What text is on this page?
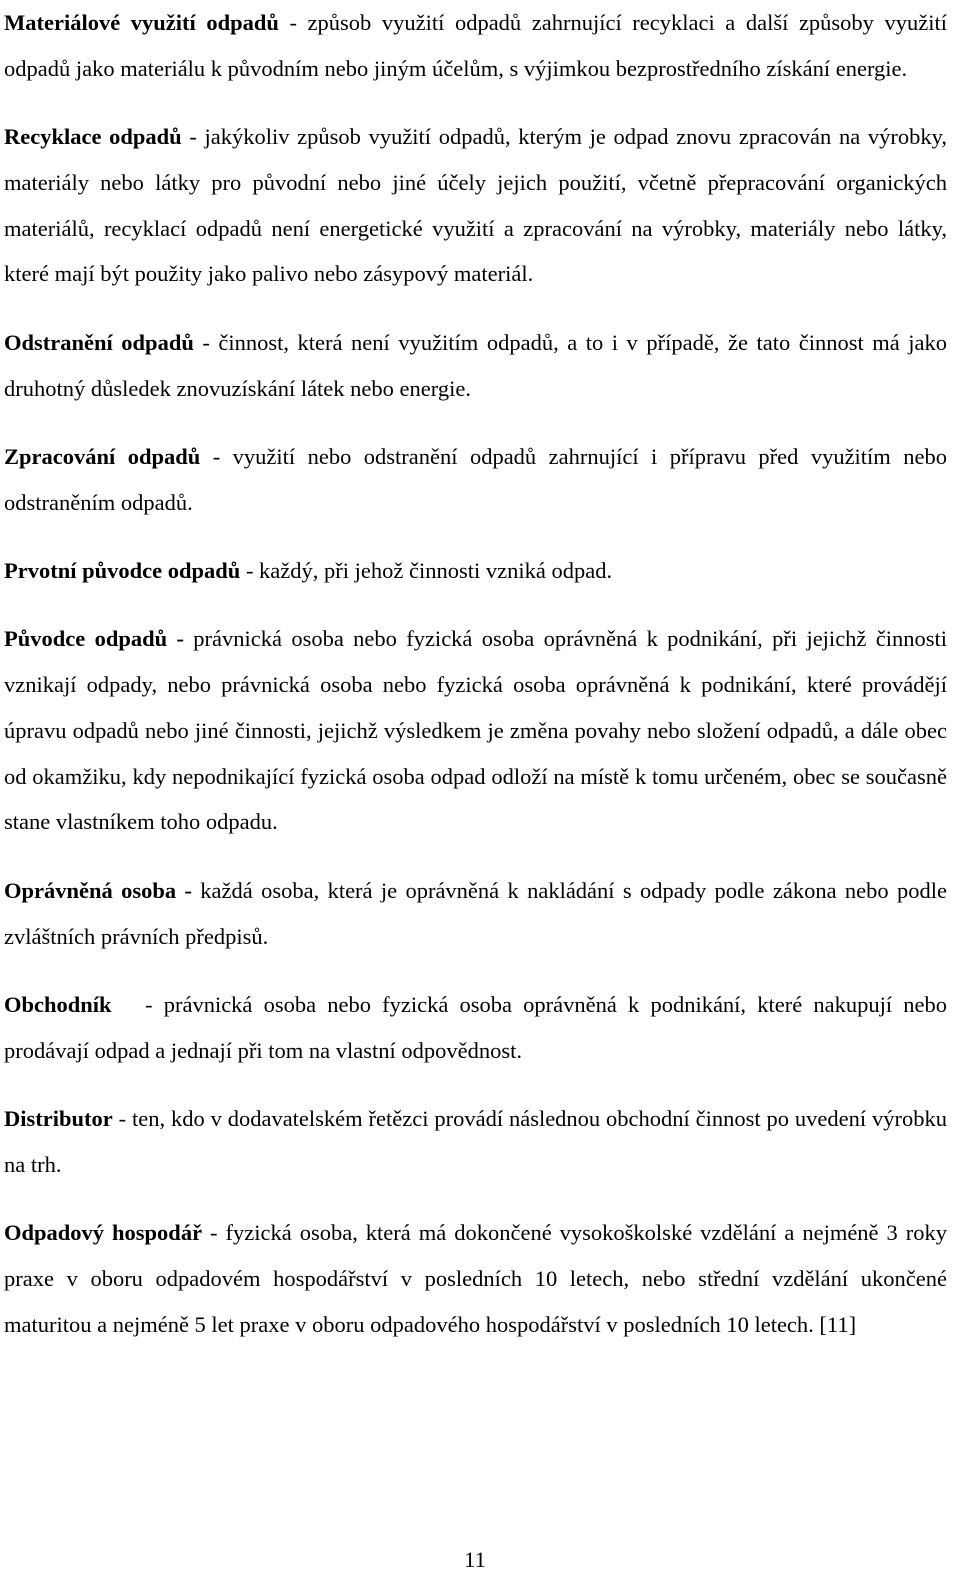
Materiálové využití odpadů - způsob využití odpadů zahrnující recyklaci a další způsoby využití odpadů jako materiálu k původním nebo jiným účelům, s výjimkou bezprostředního získání energie.

Recyklace odpadů - jakýkoliv způsob využití odpadů, kterým je odpad znovu zpracován na výrobky, materiály nebo látky pro původní nebo jiné účely jejich použití, včetně přepracování organických materiálů, recyklací odpadů není energetické využití a zpracování na výrobky, materiály nebo látky, které mají být použity jako palivo nebo zásypový materiál.

Odstranění odpadů - činnost, která není využitím odpadů, a to i v případě, že tato činnost má jako druhotný důsledek znovuzískání látek nebo energie.

Zpracování odpadů - využití nebo odstranění odpadů zahrnující i přípravu před využitím nebo odstraněním odpadů.

Prvotní původce odpadů - každý, při jehož činnosti vzniká odpad.

Původce odpadů - právnická osoba nebo fyzická osoba oprávněná k podnikání, při jejichž činnosti vznikají odpady, nebo právnická osoba nebo fyzická osoba oprávněná k podnikání, které provádějí úpravu odpadů nebo jiné činnosti, jejichž výsledkem je změna povahy nebo složení odpadů, a dále obec od okamžiku, kdy nepodnikající fyzická osoba odpad odloží na místě k tomu určeném, obec se současně stane vlastníkem toho odpadu.

Oprávněná osoba - každá osoba, která je oprávněná k nakládání s odpady podle zákona nebo podle zvláštních právních předpisů.

Obchodník   - právnická osoba nebo fyzická osoba oprávněná k podnikání, které nakupují nebo prodávají odpad a jednají při tom na vlastní odpovědnost.

Distributor - ten, kdo v dodavatelském řetězci provádí následnou obchodní činnost po uvedení výrobku na trh.

Odpadový hospodář - fyzická osoba, která má dokončené vysokoškolské vzdělání a nejméně 3 roky praxe v oboru odpadovém hospodářství v posledních 10 letech, nebo střední vzdělání ukončené maturitou a nejméně 5 let praxe v oboru odpadového hospodářství v posledních 10 letech. [11]

11
